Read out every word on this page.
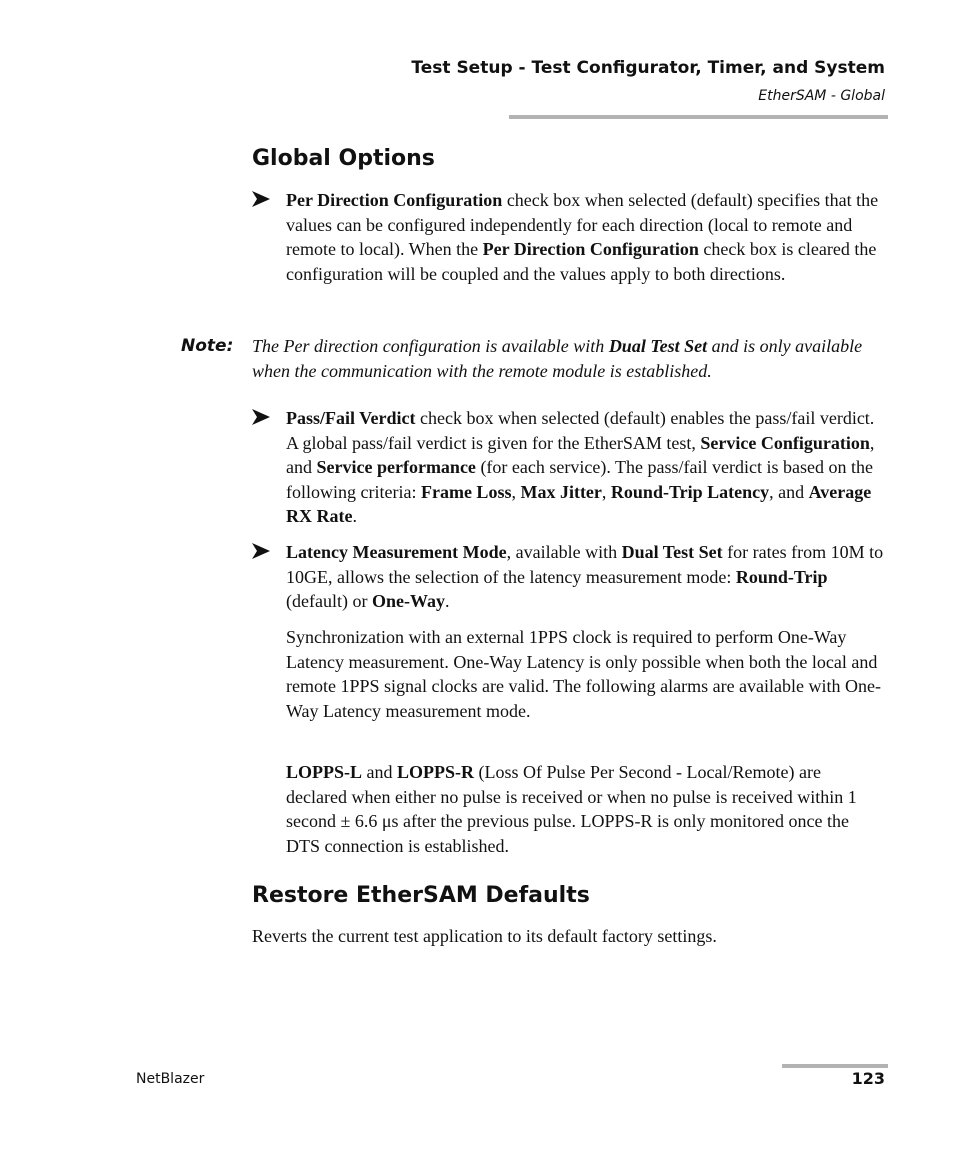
Test Setup - Test Configurator, Timer, and System
EtherSAM - Global
Global Options
Per Direction Configuration check box when selected (default) specifies that the values can be configured independently for each direction (local to remote and remote to local). When the Per Direction Configuration check box is cleared the configuration will be coupled and the values apply to both directions.
Note: The Per direction configuration is available with Dual Test Set and is only available when the communication with the remote module is established.
Pass/Fail Verdict check box when selected (default) enables the pass/fail verdict. A global pass/fail verdict is given for the EtherSAM test, Service Configuration, and Service performance (for each service). The pass/fail verdict is based on the following criteria: Frame Loss, Max Jitter, Round-Trip Latency, and Average RX Rate.
Latency Measurement Mode, available with Dual Test Set for rates from 10M to 10GE, allows the selection of the latency measurement mode: Round-Trip (default) or One-Way.
Synchronization with an external 1PPS clock is required to perform One-Way Latency measurement. One-Way Latency is only possible when both the local and remote 1PPS signal clocks are valid. The following alarms are available with One-Way Latency measurement mode.
LOPPS-L and LOPPS-R (Loss Of Pulse Per Second - Local/Remote) are declared when either no pulse is received or when no pulse is received within 1 second ± 6.6 μs after the previous pulse. LOPPS-R is only monitored once the DTS connection is established.
Restore EtherSAM Defaults
Reverts the current test application to its default factory settings.
NetBlazer	123
